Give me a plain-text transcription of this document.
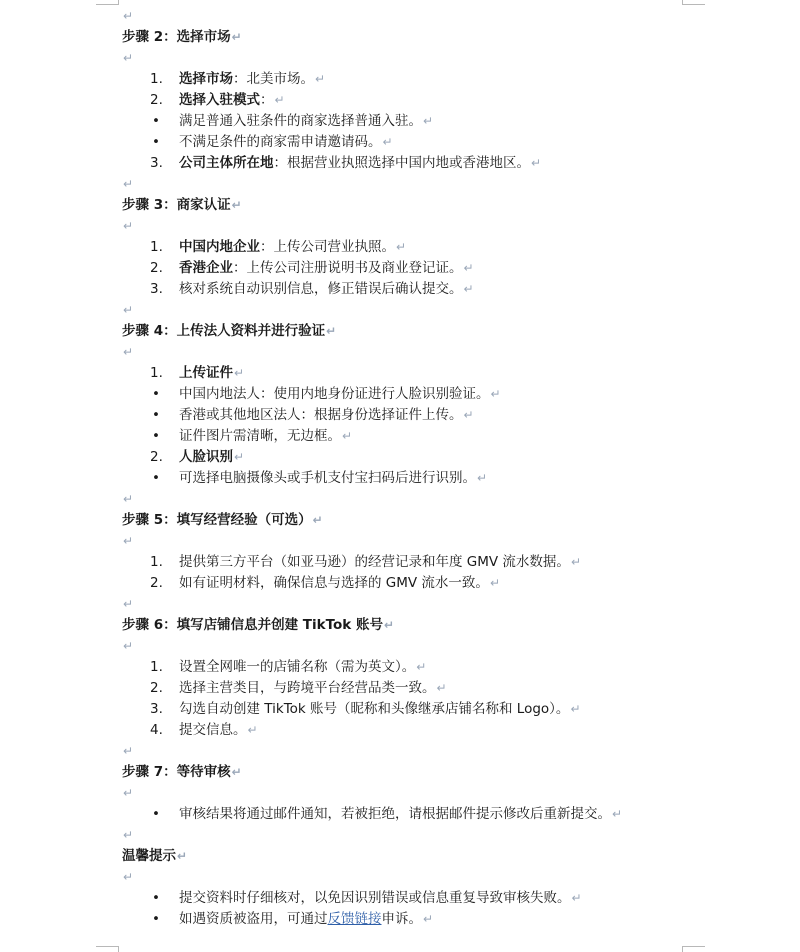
↵
步骤 2：选择市场↵
↵
1. 选择市场：北美市场。↵
2. 选择入驻模式：↵
• 满足普通入驻条件的商家选择普通入驻。↵
• 不满足条件的商家需申请邀请码。↵
3. 公司主体所在地：根据营业执照选择中国内地或香港地区。↵
↵
步骤 3：商家认证↵
↵
1. 中国内地企业：上传公司营业执照。↵
2. 香港企业：上传公司注册说明书及商业登记证。↵
3. 核对系统自动识别信息，修正错误后确认提交。↵
↵
步骤 4：上传法人资料并进行验证↵
↵
1. 上传证件↵
• 中国内地法人：使用内地身份证进行人脸识别验证。↵
• 香港或其他地区法人：根据身份选择证件上传。↵
• 证件图片需清晰，无边框。↵
2. 人脸识别↵
• 可选择电脑摄像头或手机支付宝扫码后进行识别。↵
↵
步骤 5：填写经营经验（可选）↵
↵
1. 提供第三方平台（如亚马逊）的经营记录和年度 GMV 流水数据。↵
2. 如有证明材料，确保信息与选择的 GMV 流水一致。↵
↵
步骤 6：填写店铺信息并创建 TikTok 账号↵
↵
1. 设置全网唯一的店铺名称（需为英文）。↵
2. 选择主营类目，与跨境平台经营品类一致。↵
3. 勾选自动创建 TikTok 账号（昵称和头像继承店铺名称和 Logo）。↵
4. 提交信息。↵
↵
步骤 7：等待审核↵
↵
• 审核结果将通过邮件通知，若被拒绝，请根据邮件提示修改后重新提交。↵
↵
温馨提示↵
↵
• 提交资料时仔细核对，以免因识别错误或信息重复导致审核失败。↵
• 如遇资质被盗用，可通过反馈链接申诉。↵
